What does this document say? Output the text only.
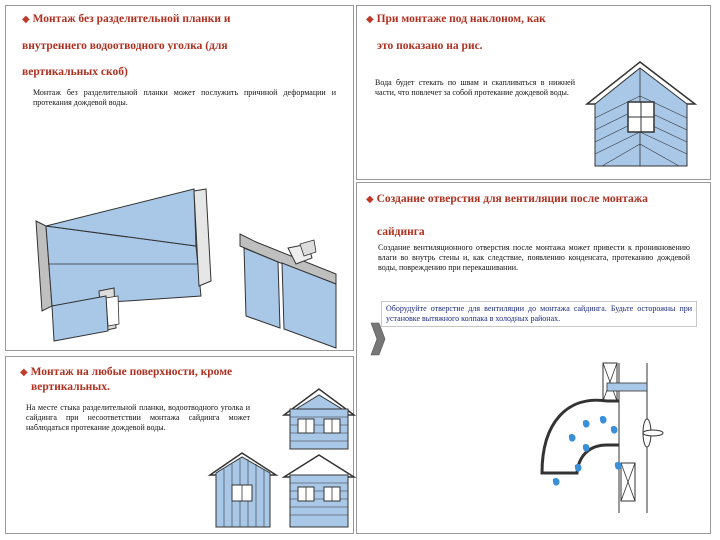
◆ Монтаж без разделительной планки и
внутреннего водоотводного уголка (для
вертикальных скоб)
Монтаж без разделительной планки может послужить причиной деформации и протекания дождевой воды.
◆ При монтаже под наклоном, как
это показано на рис.
Вода будет стекать по швам и скапливаться в нижней части, что повлечет за собой протекание дождевой воды.
◆ Создание отверстия для вентиляции после монтажа
сайдинга
Создание вентиляционного отверстия после монтажа может привести к проникновению влаги во внутрь стены и, как следствие, появлению конденсата, протеканию дождевой воды, повреждению при перекашивании.
Оборудуйте отверстие для вентиляции до монтажа сайдинга. Будьте осторожны при установке вытяжного колпака в холодных районах.
◆ Монтаж на любые поверхности, кроме
вертикальных.
На месте стыка разделительной планки, водоотводного уголка и сайдинга при несоответствии монтажа сайдинга может наблюдаться протекание дождевой воды.
